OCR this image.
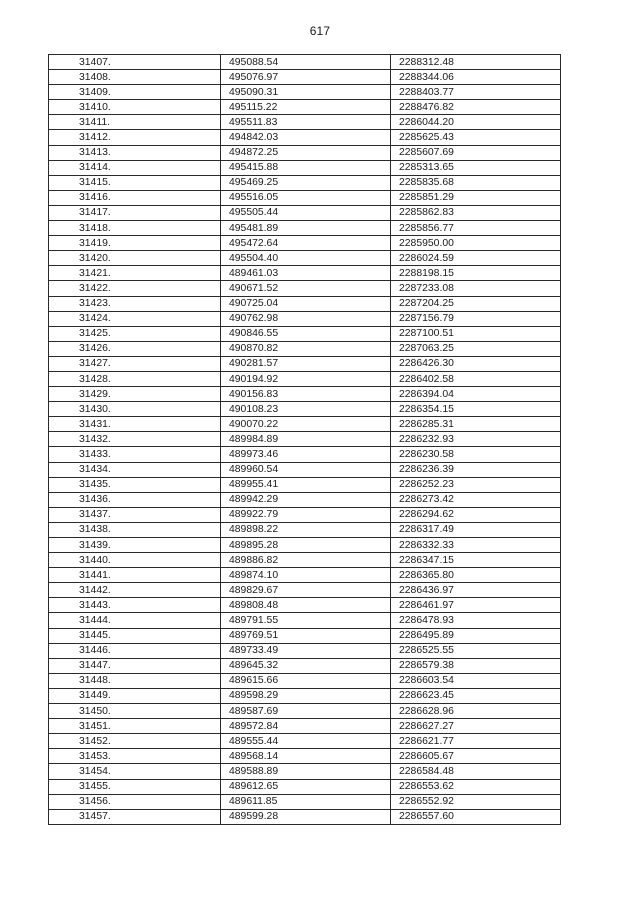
617
31407.	495088.54	2288312.48
31408.	495076.97	2288344.06
31409.	495090.31	2288403.77
31410.	495115.22	2288476.82
31411.	495511.83	2286044.20
31412.	494842.03	2285625.43
31413.	494872.25	2285607.69
31414.	495415.88	2285313.65
31415.	495469.25	2285835.68
31416.	495516.05	2285851.29
31417.	495505.44	2285862.83
31418.	495481.89	2285856.77
31419.	495472.64	2285950.00
31420.	495504.40	2286024.59
31421.	489461.03	2288198.15
31422.	490671.52	2287233.08
31423.	490725.04	2287204.25
31424.	490762.98	2287156.79
31425.	490846.55	2287100.51
31426.	490870.82	2287063.25
31427.	490281.57	2286426.30
31428.	490194.92	2286402.58
31429.	490156.83	2286394.04
31430.	490108.23	2286354.15
31431.	490070.22	2286285.31
31432.	489984.89	2286232.93
31433.	489973.46	2286230.58
31434.	489960.54	2286236.39
31435.	489955.41	2286252.23
31436.	489942.29	2286273.42
31437.	489922.79	2286294.62
31438.	489898.22	2286317.49
31439.	489895.28	2286332.33
31440.	489886.82	2286347.15
31441.	489874.10	2286365.80
31442.	489829.67	2286436.97
31443.	489808.48	2286461.97
31444.	489791.55	2286478.93
31445.	489769.51	2286495.89
31446.	489733.49	2286525.55
31447.	489645.32	2286579.38
31448.	489615.66	2286603.54
31449.	489598.29	2286623.45
31450.	489587.69	2286628.96
31451.	489572.84	2286627.27
31452.	489555.44	2286621.77
31453.	489568.14	2286605.67
31454.	489588.89	2286584.48
31455.	489612.65	2286553.62
31456.	489611.85	2286552.92
31457.	489599.28	2286557.60
